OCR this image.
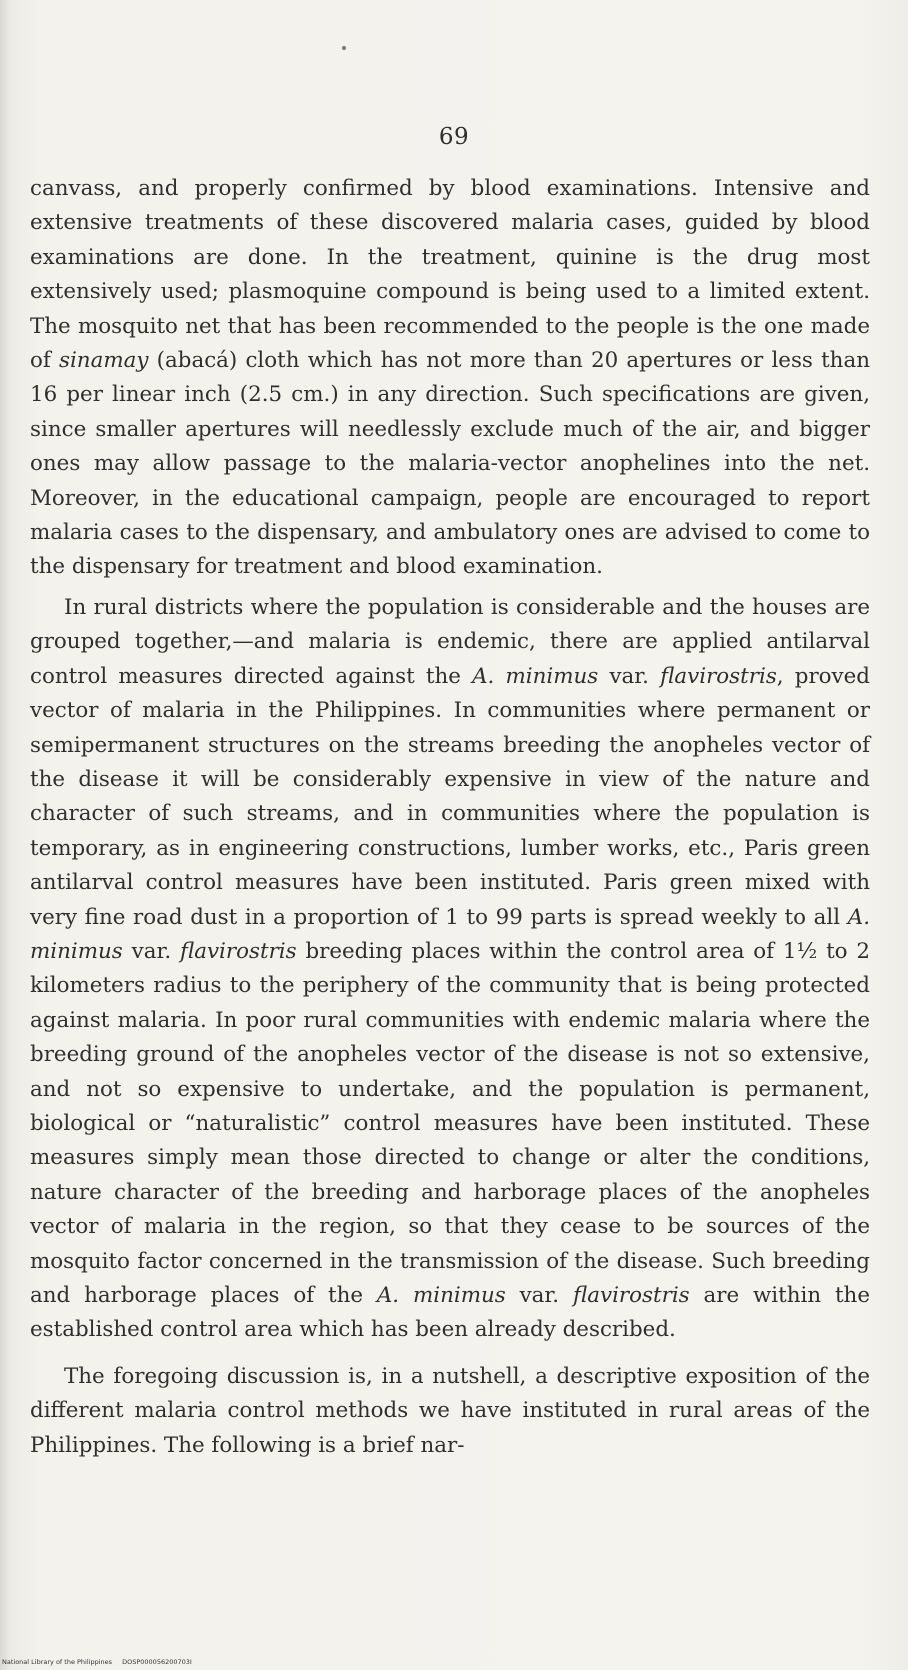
69

canvass, and properly confirmed by blood examinations. Intensive and extensive treatments of these discovered malaria cases, guided by blood examinations are done. In the treatment, quinine is the drug most extensively used; plasmoquine compound is being used to a limited extent. The mosquito net that has been recommended to the people is the one made of sinamay (abacá) cloth which has not more than 20 apertures or less than 16 per linear inch (2.5 cm.) in any direction. Such specifications are given, since smaller apertures will needlessly exclude much of the air, and bigger ones may allow passage to the malaria-vector anophelines into the net. Moreover, in the educational campaign, people are encouraged to report malaria cases to the dispensary, and ambulatory ones are advised to come to the dispensary for treatment and blood examination.

In rural districts where the population is considerable and the houses are grouped together,—and malaria is endemic, there are applied antilarval control measures directed against the A. minimus var. flavirostris, proved vector of malaria in the Philippines. In communities where permanent or semipermanent structures on the streams breeding the anopheles vector of the disease it will be considerably expensive in view of the nature and character of such streams, and in communities where the population is temporary, as in engineering constructions, lumber works, etc., Paris green antilarval control measures have been instituted. Paris green mixed with very fine road dust in a proportion of 1 to 99 parts is spread weekly to all A. minimus var. flavirostris breeding places within the control area of 1½ to 2 kilometers radius to the periphery of the community that is being protected against malaria. In poor rural communities with endemic malaria where the breeding ground of the anopheles vector of the disease is not so extensive, and not so expensive to undertake, and the population is permanent, biological or “naturalistic” control measures have been instituted. These measures simply mean those directed to change or alter the conditions, nature character of the breeding and harborage places of the anopheles vector of malaria in the region, so that they cease to be sources of the mosquito factor concerned in the transmission of the disease. Such breeding and harborage places of the A. minimus var. flavirostris are within the established control area which has been already described.

The foregoing discussion is, in a nutshell, a descriptive exposition of the different malaria control methods we have instituted in rural areas of the Philippines. The following is a brief nar-

National Library of the Philippines DOSP000056200703I
